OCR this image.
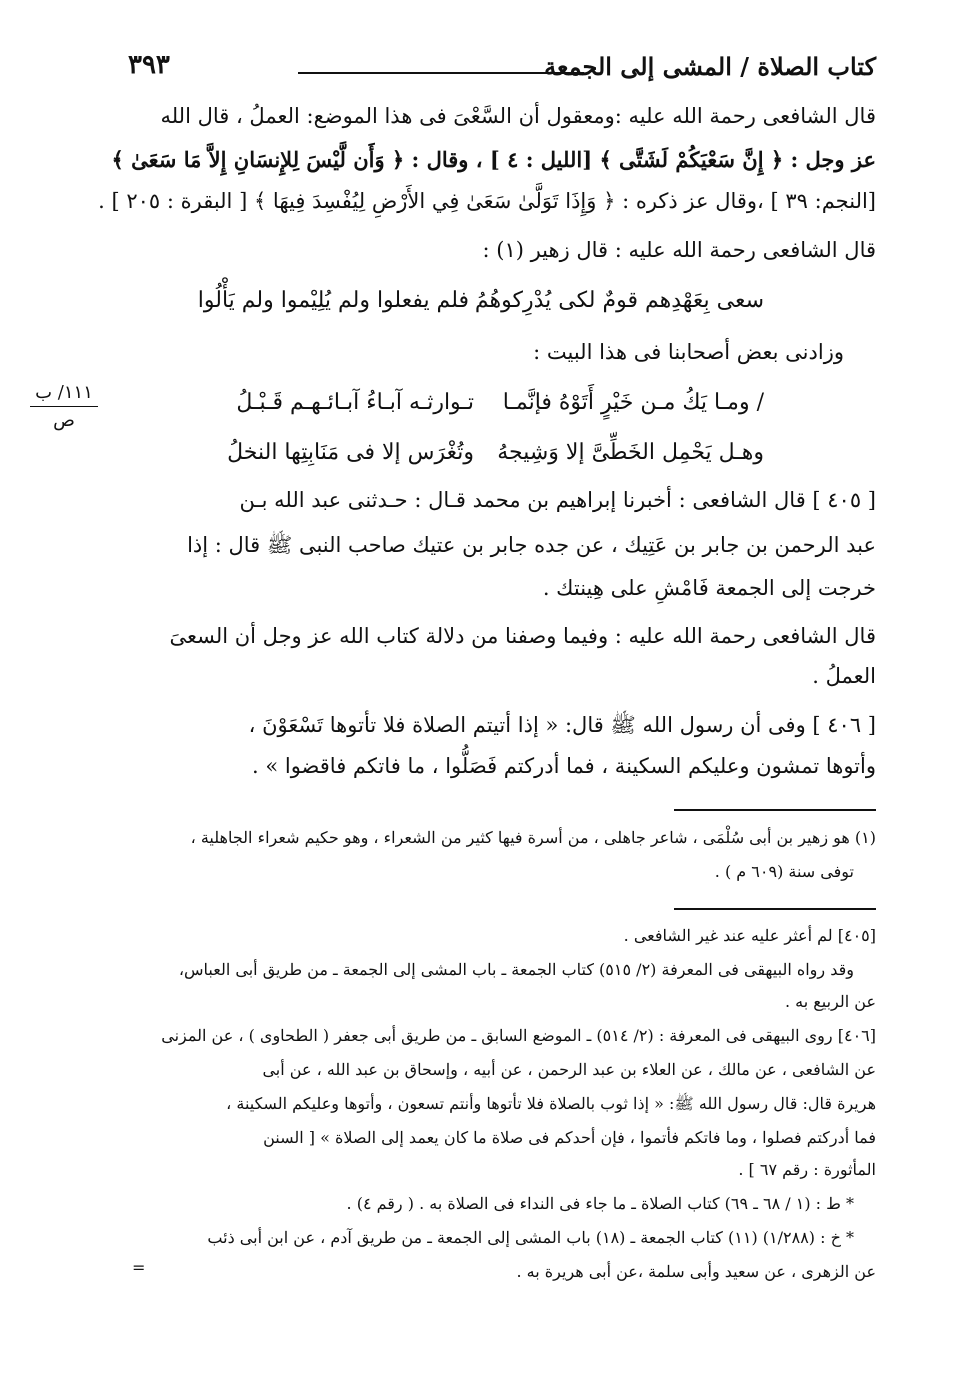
كتاب الصلاة / المشى إلى الجمعة
٣٩٣
١١١/ ب
ص
قال الشافعى رحمة الله عليه :ومعقول أن السَّعْىَ فى هذا الموضع: العملُ ، قال الله
عز وجل : ﴿ إِنَّ سَعْيَكُمْ لَشَتَّى ﴾ [الليل : ٤ ] ، وقال : ﴿ وَأَن لَّيْسَ لِلإِنسَانِ إِلاَّ مَا سَعَىٰ ﴾
[النجم: ٣٩ ] ،وقال عز ذكره : ﴿ وَإِذَا تَوَلَّىٰ سَعَىٰ فِي الأَرْضِ لِيُفْسِدَ فِيهَا ﴾ [ البقرة : ٢٠٥ ] .
قال الشافعى رحمة الله عليه : قال زهير (١) :
سعى بِعَهْدِهم قومٌ لكى يُدْرِكوهُمُ
فلم يفعلوا ولم يُلِيْموا ولم يَأْلُوا
وزادنى بعض أصحابنا فى هذا البيت :
/ ومـا يَكُ مـن خَيْرٍ أَتَوْهُ فإنَّمـا
تـوارثـه آبـاءُ آبـائـهـم قَـبْـلُ
وهـل يَحْمِل الخَطِّىَّ إلا وَشِيجهُ
وتُغْرَس إلا فى مَنَابِتِها النخلُ
[ ٤٠٥ ] قال الشافعى : أخبرنا إبراهيم بن محمد قـال : حـدثنى عبد الله بـن
عبد الرحمن بن جابر بن عَتِيك ، عن جده جابر بن عتيك صاحب النبى ﷺ قال : إذا
خرجت إلى الجمعة فَامْشِ على هِينتك .
قال الشافعى رحمة الله عليه : وفيما وصفنا من دلالة كتاب الله عز وجل أن السعىَ
العملُ .
[ ٤٠٦ ] وفى أن رسول الله ﷺ قال: « إذا أتيتم الصلاة فلا تأتوها تَسْعَوْنَ ،
وأتوها تمشون وعليكم السكينة ، فما أدركتم فَصَلُّوا ، ما فاتكم فاقضوا » .
(١) هو زهير بن أبى سُلْمَى ، شاعر جاهلى ، من أسرة فيها كثير من الشعراء ، وهو حكيم شعراء الجاهلية ،
توفى سنة (٦٠٩ م ) .
[٤٠٥] لم أعثر عليه عند غير الشافعى .
وقد رواه البيهقى فى المعرفة (٢/ ٥١٥) كتاب الجمعة ـ باب المشى إلى الجمعة ـ من طريق أبى العباس،
عن الربيع به .
[٤٠٦] روى البيهقى فى المعرفة : (٢/ ٥١٤) ـ الموضع السابق ـ من طريق أبى جعفر ( الطحاوى ) ، عن المزنى
عن الشافعى ، عن مالك ، عن العلاء بن عبد الرحمن ، عن أبيه ، وإسحاق بن عبد الله ، عن أبى
هريرة قال: قال رسول الله ﷺ: « إذا ثوب بالصلاة فلا تأتوها وأنتم تسعون ، وأتوها وعليكم السكينة ،
فما أدركتم فصلوا ، وما فاتكم فأتموا ، فإن أحدكم فى صلاة ما كان يعمد إلى الصلاة » [ السنن
المأثورة : رقم ٦٧ ] .
* ط : (١ / ٦٨ ـ ٦٩) كتاب الصلاة ـ ما جاء فى النداء فى الصلاة به . ( رقم ٤) .
* خ : (١/٢٨٨) (١١) كتاب الجمعة ـ (١٨) باب المشى إلى الجمعة ـ من طريق آدم ، عن ابن أبى ذئب
عن الزهرى ، عن سعيد وأبى سلمة ،عن أبى هريرة به .
=
